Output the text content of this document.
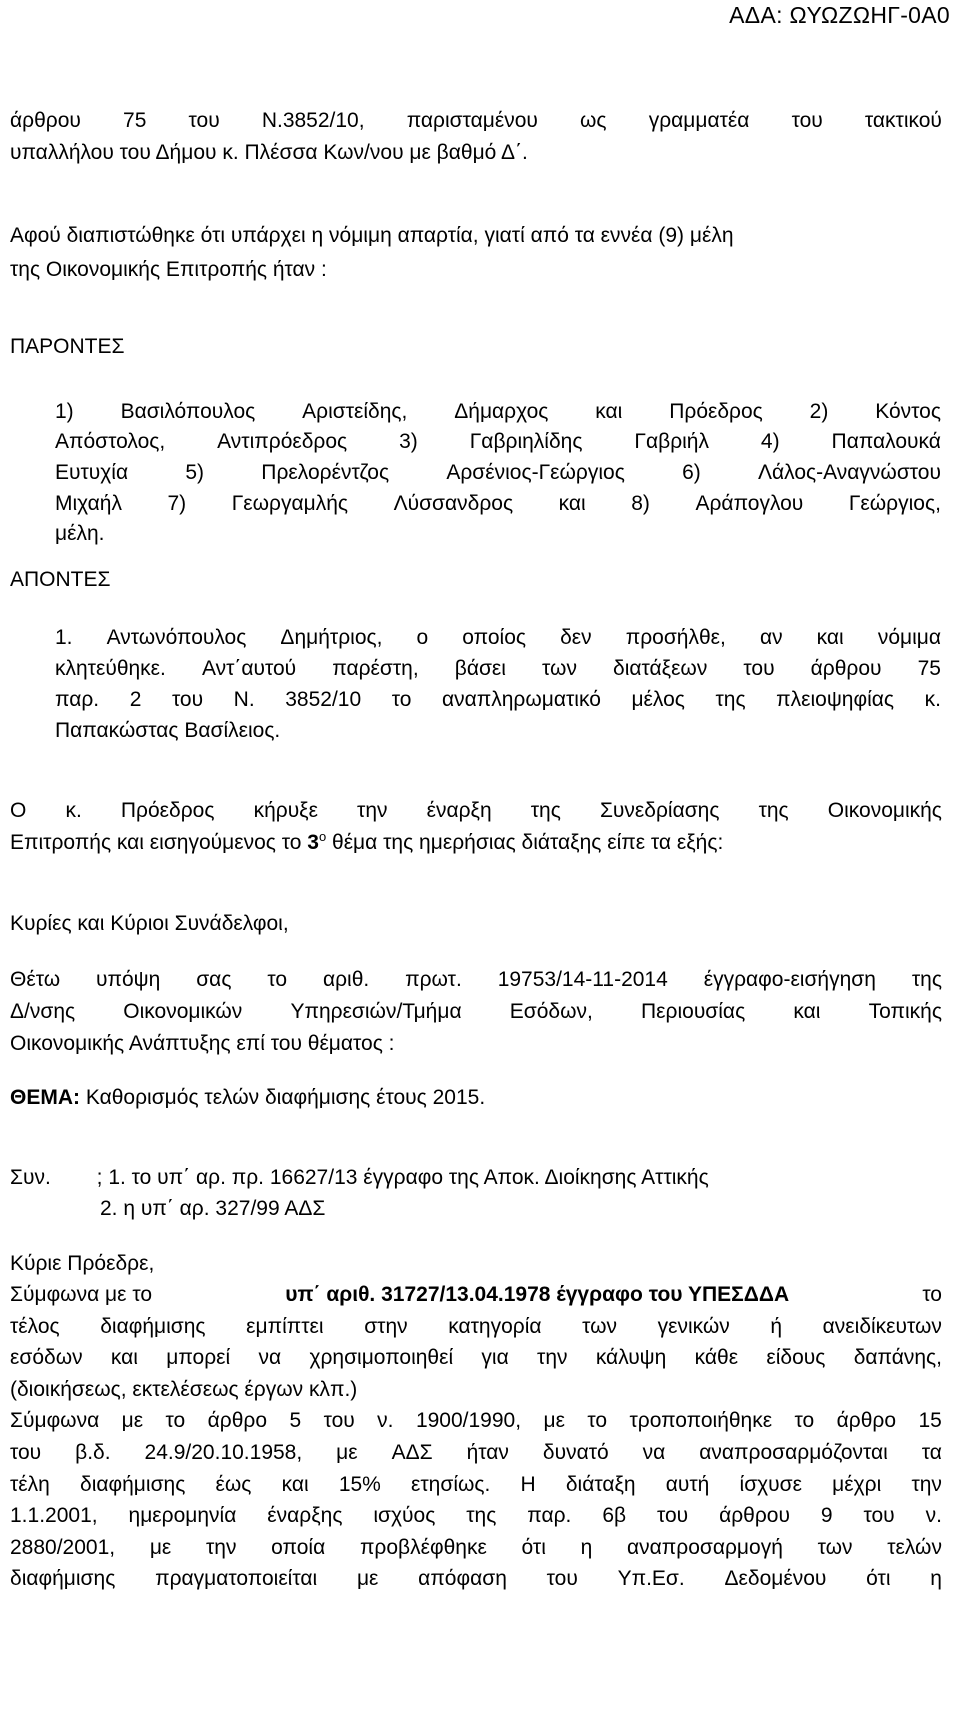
ΑΔΑ: ΩΥΩΖΩΗΓ-0Α0
άρθρου 75 του Ν.3852/10, παρισταμένου ως γραμματέα του τακτικού
υπαλλήλου του Δήμου κ. Πλέσσα Κων/νου με βαθμό Δ΄.
Αφού διαπιστώθηκε ότι υπάρχει η νόμιμη απαρτία, γιατί από τα εννέα (9) μέλη
της Οικονομικής Επιτροπής ήταν :
ΠΑΡΟΝΤΕΣ
1) Βασιλόπουλος Αριστείδης, Δήμαρχος και Πρόεδρος 2) Κόντος
Απόστολος, Αντιπρόεδρος 3) Γαβριηλίδης Γαβριήλ 4) Παπαλουκά
Ευτυχία	5)	Πρελορέντζος	Αρσένιος-Γεώργιος	6)	Λάλος-Αναγνώστου
Μιχαήλ 7) Γεωργαμλής Λύσσανδρος και 8) Αράπογλου Γεώργιος,
μέλη.
ΑΠΟΝΤΕΣ
1. Αντωνόπουλος Δημήτριος, ο οποίος δεν προσήλθε, αν και νόμιμα
κλητεύθηκε. Αντ΄αυτού παρέστη, βάσει των διατάξεων του άρθρου 75
παρ. 2 του Ν. 3852/10 το αναπληρωματικό μέλος της πλειοψηφίας κ.
Παπακώστας Βασίλειος.
Ο κ. Πρόεδρος κήρυξε την έναρξη της Συνεδρίασης της Οικονομικής
Επιτροπής και εισηγούμενος το $3^o$ θέμα της ημερήσιας διάταξης είπε τα εξής:
Κυρίες και Κύριοι Συνάδελφοι,
Θέτω υπόψη σας το αριθ. πρωτ. 19753/14-11-2014 έγγραφο-εισήγηση της
Δ/νσης Οικονομικών Υπηρεσιών/Τμήμα Εσόδων, Περιουσίας και Τοπικής
Οικονομικής Ανάπτυξης επί του θέματος :
ΘΕΜΑ: Καθορισμός τελών διαφήμισης έτους 2015.
Συν. ; 1. το υπ΄ αρ. πρ. 16627/13 έγγραφο της Αποκ. Διοίκησης Αττικής
2. η υπ΄ αρ. 327/99 ΑΔΣ
Κύριε Πρόεδρε,
Σύμφωνα με το	υπ΄ αριθ. 31727/13.04.1978 έγγραφο του ΥΠΕΣΔΔΑ	το
τέλος διαφήμισης εμπίπτει στην κατηγορία των γενικών ή ανειδίκευτων
εσόδων και μπορεί να χρησιμοποιηθεί για την κάλυψη κάθε είδους δαπάνης,
(διοικήσεως, εκτελέσεως έργων κλπ.)
Σύμφωνα με το άρθρο 5 του ν. 1900/1990, με το τροποποιήθηκε το άρθρο 15
του β.δ. 24.9/20.10.1958, με ΑΔΣ ήταν δυνατό να αναπροσαρμόζονται τα
τέλη διαφήμισης έως και 15% ετησίως. Η διάταξη αυτή ίσχυσε μέχρι την
1.1.2001, ημερομηνία έναρξης ισχύος της παρ. 6β του άρθρου 9 του ν.
2880/2001, με την οποία προβλέφθηκε ότι η αναπροσαρμογή των τελών
διαφήμισης πραγματοποιείται με απόφαση του Υπ.Εσ. Δεδομένου ότι η
